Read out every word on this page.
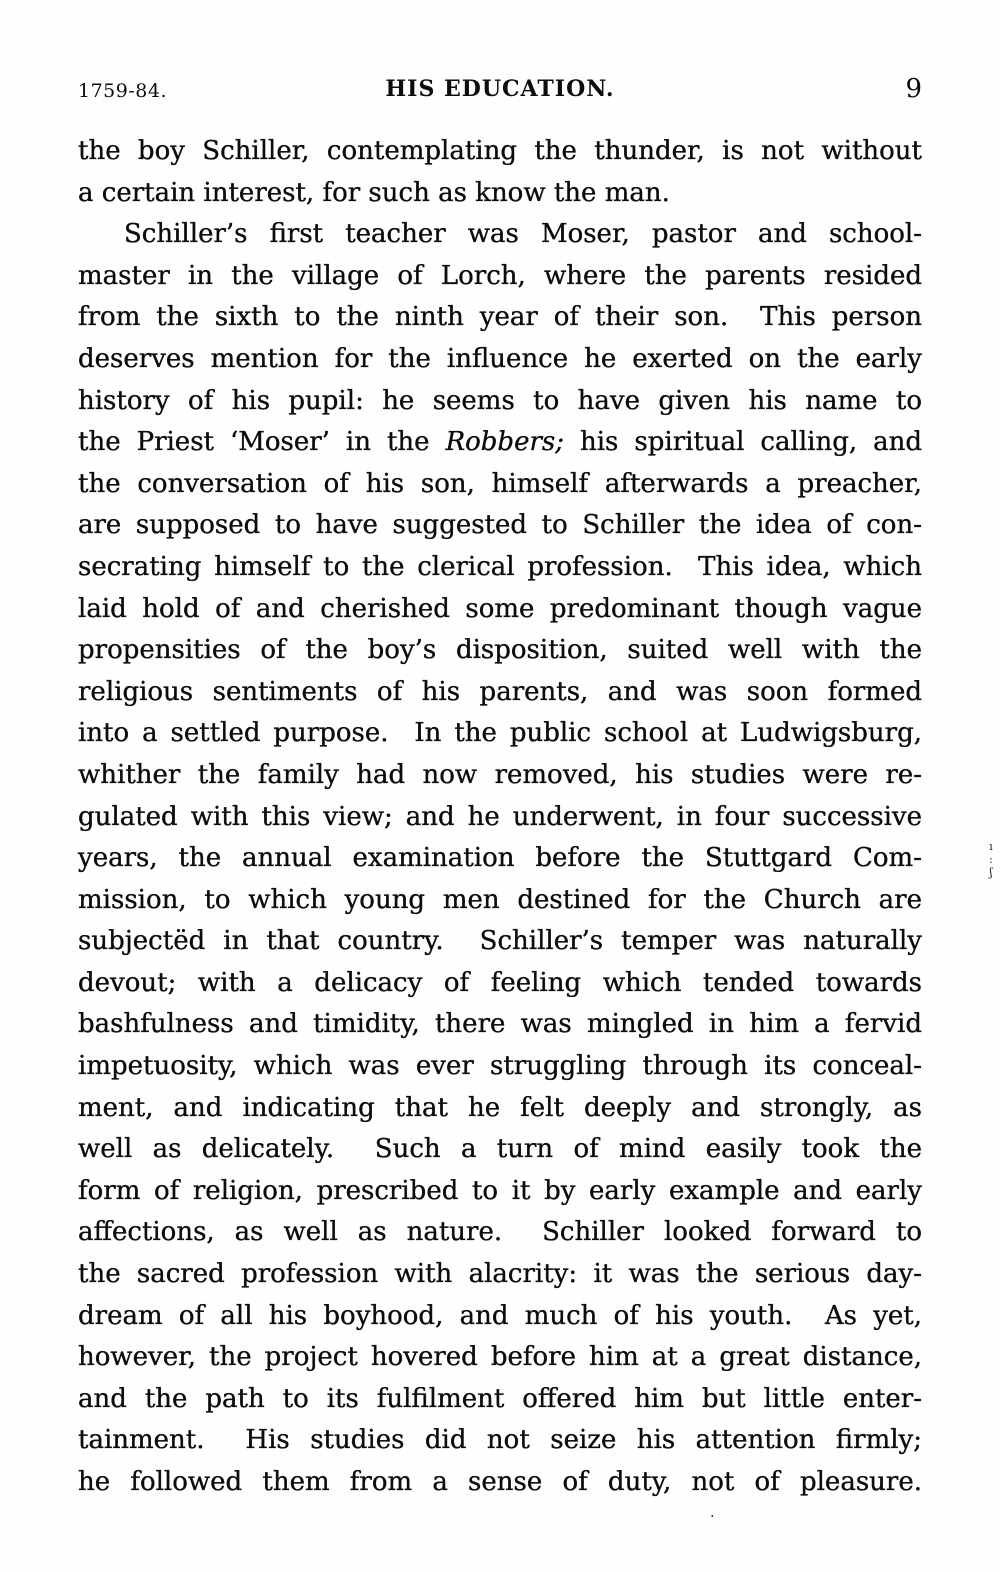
1759-84.	HIS EDUCATION.	9
the boy Schiller, contemplating the thunder, is not without
a certain interest, for such as know the man.
Schiller’s first teacher was Moser, pastor and school-
master in the village of Lorch, where the parents resided
from the sixth to the ninth year of their son.  This person
deserves mention for the influence he exerted on the early
history of his pupil: he seems to have given his name to
the Priest ‘Moser’ in the Robbers; his spiritual calling, and
the conversation of his son, himself afterwards a preacher,
are supposed to have suggested to Schiller the idea of con-
secrating himself to the clerical profession.  This idea, which
laid hold of and cherished some predominant though vague
propensities of the boy’s disposition, suited well with the
religious sentiments of his parents, and was soon formed
into a settled purpose.  In the public school at Ludwigsburg,
whither the family had now removed, his studies were re-
gulated with this view; and he underwent, in four successive
years, the annual examination before the Stuttgard Com-
mission, to which young men destined for the Church are
subjectëd in that country.  Schiller’s temper was naturally
devout; with a delicacy of feeling which tended towards
bashfulness and timidity, there was mingled in him a fervid
impetuosity, which was ever struggling through its conceal-
ment, and indicating that he felt deeply and strongly, as
well as delicately.  Such a turn of mind easily took the
form of religion, prescribed to it by early example and early
affections, as well as nature.  Schiller looked forward to
the sacred profession with alacrity: it was the serious day-
dream of all his boyhood, and much of his youth.  As yet,
however, the project hovered before him at a great distance,
and the path to its fulfilment offered him but little enter-
tainment.  His studies did not seize his attention firmly;
he followed them from a sense of duty, not of pleasure.
ı
:
ʃ
.
